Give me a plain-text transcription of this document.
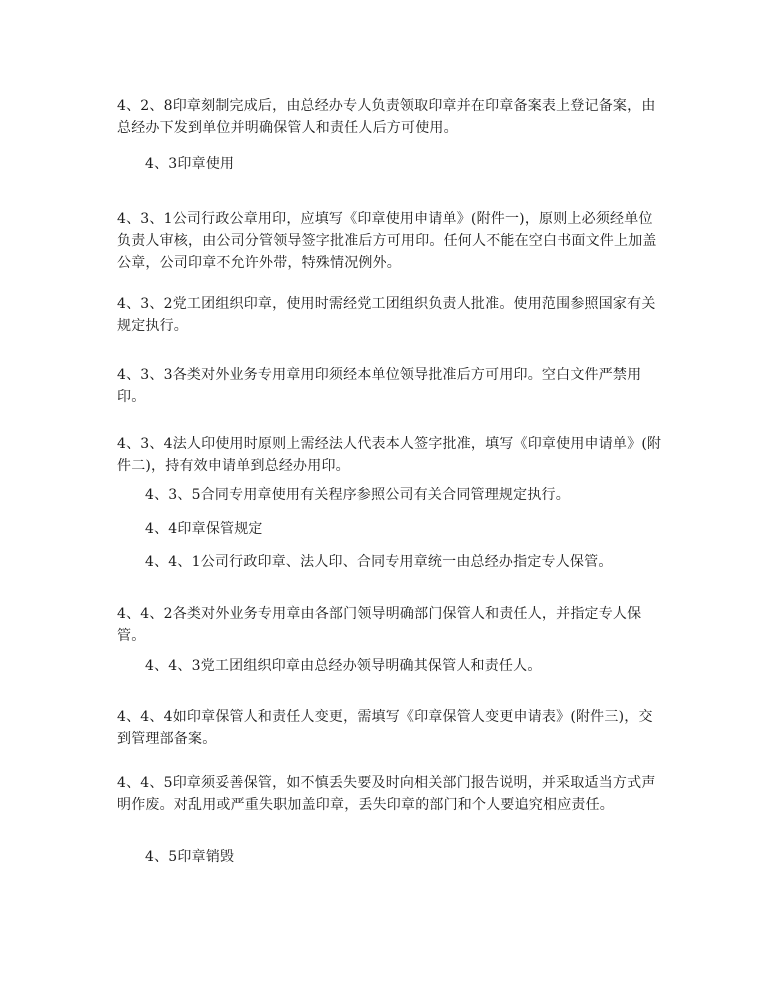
4、2、8印章刻制完成后，由总经办专人负责领取印章并在印章备案表上登记备案，由总经办下发到单位并明确保管人和责任人后方可使用。

4、3印章使用

4、3、1公司行政公章用印，应填写《印章使用申请单》(附件一)，原则上必须经单位负责人审核，由公司分管领导签字批准后方可用印。任何人不能在空白书面文件上加盖公章，公司印章不允许外带，特殊情况例外。

4、3、2党工团组织印章，使用时需经党工团组织负责人批准。使用范围参照国家有关规定执行。

4、3、3各类对外业务专用章用印须经本单位领导批准后方可用印。空白文件严禁用印。

4、3、4法人印使用时原则上需经法人代表本人签字批准，填写《印章使用申请单》(附件二)，持有效申请单到总经办用印。

4、3、5合同专用章使用有关程序参照公司有关合同管理规定执行。

4、4印章保管规定

4、4、1公司行政印章、法人印、合同专用章统一由总经办指定专人保管。

4、4、2各类对外业务专用章由各部门领导明确部门保管人和责任人，并指定专人保管。

4、4、3党工团组织印章由总经办领导明确其保管人和责任人。

4、4、4如印章保管人和责任人变更，需填写《印章保管人变更申请表》(附件三)，交到管理部备案。

4、4、5印章须妥善保管，如不慎丢失要及时向相关部门报告说明，并采取适当方式声明作废。对乱用或严重失职加盖印章，丢失印章的部门和个人要追究相应责任。

4、5印章销毁
